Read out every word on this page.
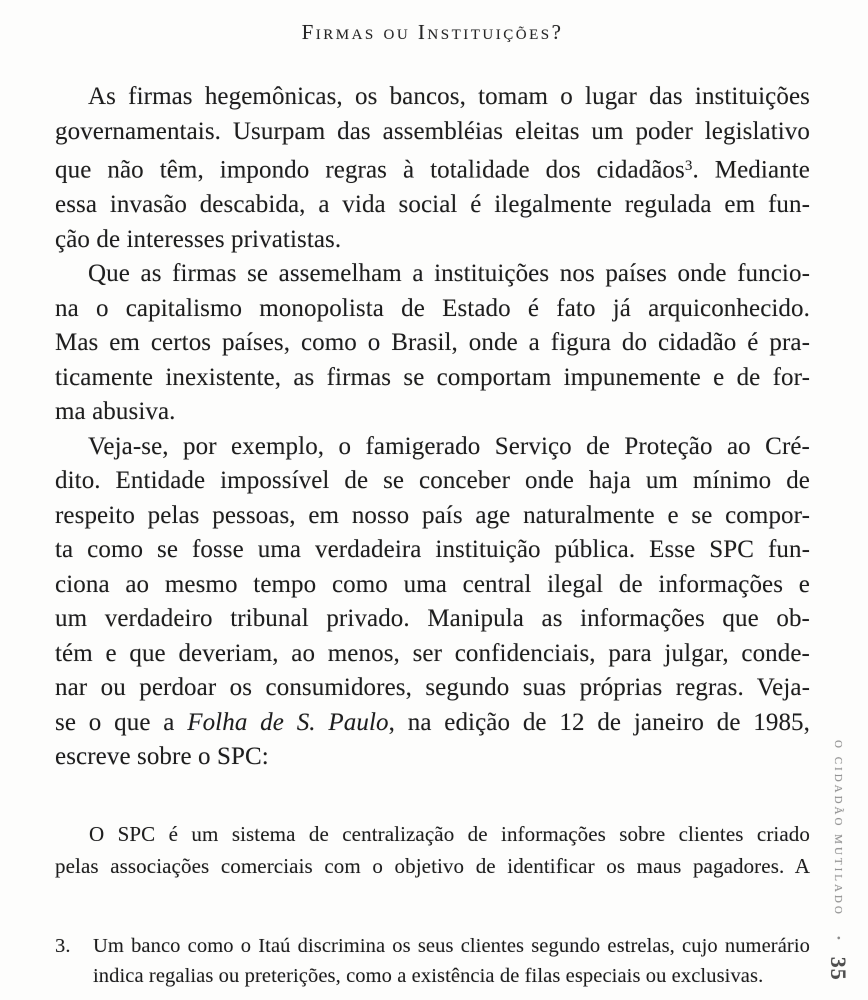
Firmas ou Instituições?
As firmas hegemônicas, os bancos, tomam o lugar das instituições
governamentais. Usurpam das assembléias eleitas um poder legislativo
que não têm, impondo regras à totalidade dos cidadãos$^3$. Mediante
essa invasão descabida, a vida social é ilegalmente regulada em fun-
ção de interesses privatistas.
Que as firmas se assemelham a instituições nos países onde funcio-
na o capitalismo monopolista de Estado é fato já arquiconhecido.
Mas em certos países, como o Brasil, onde a figura do cidadão é pra-
ticamente inexistente, as firmas se comportam impunemente e de for-
ma abusiva.
Veja-se, por exemplo, o famigerado Serviço de Proteção ao Cré-
dito. Entidade impossível de se conceber onde haja um mínimo de
respeito pelas pessoas, em nosso país age naturalmente e se compor-
ta como se fosse uma verdadeira instituição pública. Esse SPC fun-
ciona ao mesmo tempo como uma central ilegal de informações e
um verdadeiro tribunal privado. Manipula as informações que ob-
tém e que deveriam, ao menos, ser confidenciais, para julgar, conde-
nar ou perdoar os consumidores, segundo suas próprias regras. Veja-
se o que a Folha de S. Paulo, na edição de 12 de janeiro de 1985,
escreve sobre o SPC:
O SPC é um sistema de centralização de informações sobre clientes criado
pelas associações comerciais com o objetivo de identificar os maus pagadores. A
3.	Um banco como o Itaú discrimina os seus clientes segundo estrelas, cujo numerário
indica regalias ou preterições, como a existência de filas especiais ou exclusivas.
O CIDADÃO MUTILADO • 35
